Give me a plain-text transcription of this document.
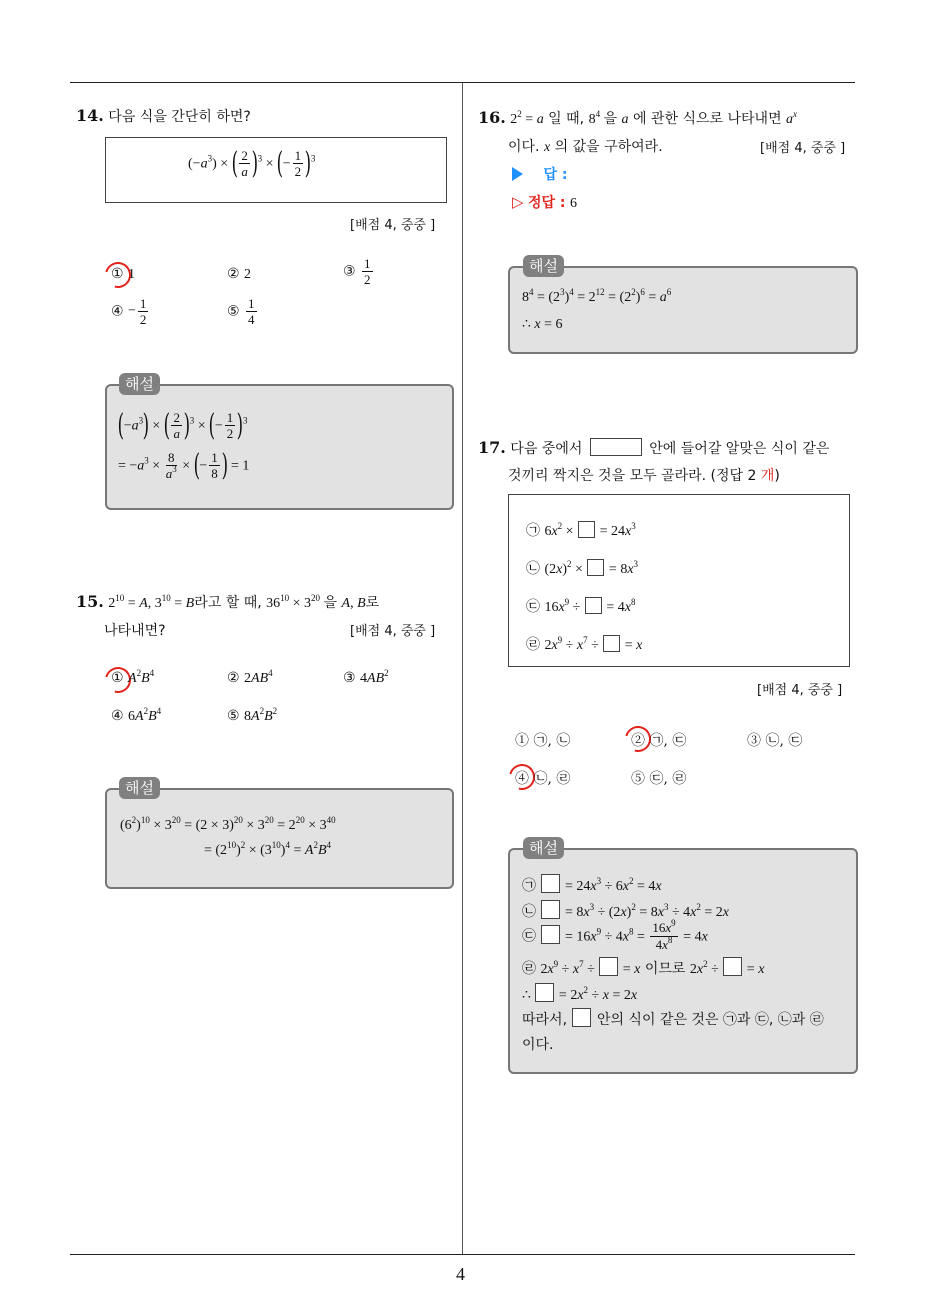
4
14. 다음 식을 간단히 하면?
$(-a^3)$ × ( $\frac{2}{a} )^3$ × (− $\frac{1}{2} )^3$
[배점 4, 중중 ]
① 1	② 2	③ $\frac{1}{2}$
④ − $\frac{1}{2}$	⑤ $\frac{1}{4}$
해설
$(-a^3)$ × ( $\frac{2}{a} )^3$ × (− $\frac{1}{2} )^3$
= $-a^3 \times \frac{8}{a^3}$ × (− $\frac{1}{8}$ ) = 1
15. $2^{10} = A$, $3^{10} = B$라고 할 때, $36^{10} \times 3^{20}$ 을 A, B로
나타내면?	[배점 4, 중중 ]
① $A^2B^4$	② $2AB^4$	③ $4AB^2$
④ $6A^2B^4$	⑤ $8A^2B^2$
해설
$(6^2)^{10} \times 3^{20} = (2 \times 3)^{20} \times 3^{20} = 2^{20} \times 3^{40}$
= $(2^{10})^2 \times (3^{10})^4 = A^2B^4$
16. $2^2 = a$ 일 때, $8^4$ 을 a 에 관한 식으로 나타내면 $a^x$
이다. x 의 값을 구하여라.	[배점 4, 중중 ]
답 :
▷ 정답 : 6
해설
$8^4 = (2^3)^4 = 2^{12} = (2^2)^6 = a^6$
∴ x = 6
17. 다음 중에서	안에 들어갈 알맞은 식이 같은
것끼리 짝지은 것을 모두 골라라. (정답 2 개)
㉠ $6x^2$ ×  = $24x^3$
㉡ $(2x)^2$ ×  = $8x^3$
㉢ $16x^9$ ÷  = $4x^8$
㉣ $2x^9 \div x^7$ ÷  = x
[배점 4, 중중 ]
① ㉠, ㉡	② ㉠, ㉢	③ ㉡, ㉢
④ ㉡, ㉣	⑤ ㉢, ㉣
해설
㉠  = $24x^3 \div 6x^2 = 4x$
㉡  = $8x^3 \div (2x)^2 = 8x^3 \div 4x^2 = 2x$
㉢  = $16x^9 \div 4x^8 = \frac{16x^9}{4x^8} = 4x$
㉣ $2x^9 \div x^7$ ÷  = x 이므로 $2x^2$ ÷  = x
∴  = $2x^2 \div x = 2x$
따라서, 안의 식이 같은 것은 ㉠과 ㉢, ㉡과 ㉣
이다.
